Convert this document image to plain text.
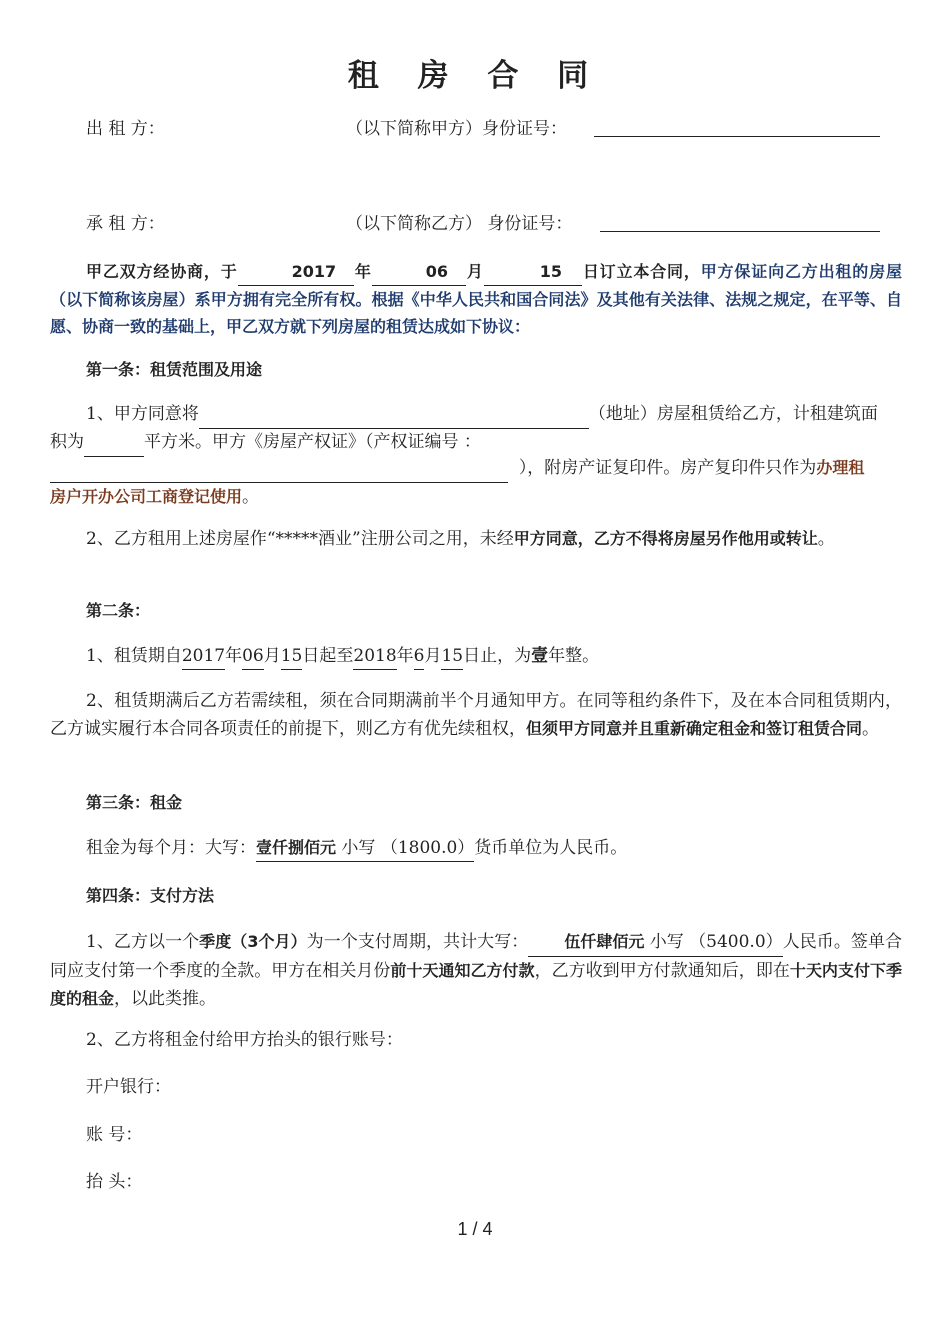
租 房 合 同
出 租 方：	（以下简称甲方）身份证号：
承 租 方：	（以下简称乙方） 身份证号：
甲乙双方经协商，于	2017 年	06 月	15 日订立本合同，甲方保证向乙方出租的房屋（以下简称该房屋）系甲方拥有完全所有权。根据《中华人民共和国合同法》及其他有关法律、法规之规定，在平等、自愿、协商一致的基础上，甲乙双方就下列房屋的租赁达成如下协议：
第一条：租赁范围及用途
1、甲方同意将	（地址）房屋租赁给乙方，计租建筑面
积为	平方米。甲方《房屋产权证》（产权证编号 ：
），附房产证复印件。房产复印件只作为办理租
房户开办公司工商登记使用。
2、乙方租用上述房屋作“*****酒业”注册公司之用，未经甲方同意，乙方不得将房屋另作他用或转让。
第二条：
1、租赁期自2017年06月15日起至2018年6月15日止，为壹年整。
2、租赁期满后乙方若需续租，须在合同期满前半个月通知甲方。在同等租约条件下，及在本合同租赁期内，乙方诚实履行本合同各项责任的前提下，则乙方有优先续租权，但须甲方同意并且重新确定租金和签订租赁合同。
第三条：租金
租金为每个月：大写：壹仟捌佰元 小写 （1800.0）货币单位为人民币。
第四条：支付方法
1、乙方以一个季度（3个月）为一个支付周期，共计大写： 伍仟肆佰元 小写 （5400.0）人民币。签单合同应支付第一个季度的全款。甲方在相关月份前十天通知乙方付款，乙方收到甲方付款通知后，即在十天内支付下季度的租金，以此类推。
2、乙方将租金付给甲方抬头的银行账号：
开户银行：
账 号：
抬 头：
1 / 4
